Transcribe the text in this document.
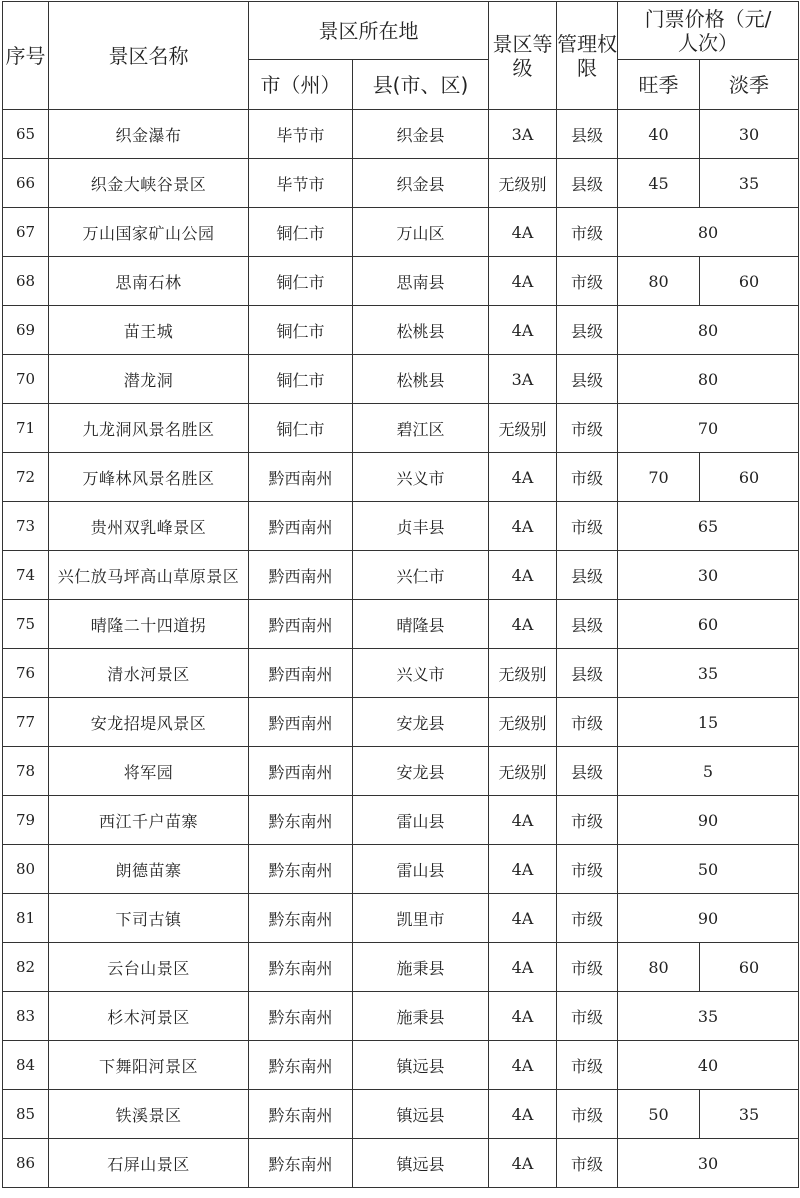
序号	景区名称	景区所在地		景区等级	管理权限	门票价格（元/人次）	
		市（州）	县(市、区)			旺季	淡季
65	织金瀑布	毕节市	织金县	3A	县级	40	30
66	织金大峡谷景区	毕节市	织金县	无级别	县级	45	35
67	万山国家矿山公园	铜仁市	万山区	4A	市级	80	
68	思南石林	铜仁市	思南县	4A	市级	80	60
69	苗王城	铜仁市	松桃县	4A	县级	80	
70	潜龙洞	铜仁市	松桃县	3A	县级	80	
71	九龙洞风景名胜区	铜仁市	碧江区	无级别	市级	70	
72	万峰林风景名胜区	黔西南州	兴义市	4A	市级	70	60
73	贵州双乳峰景区	黔西南州	贞丰县	4A	市级	65	
74	兴仁放马坪高山草原景区	黔西南州	兴仁市	4A	县级	30	
75	晴隆二十四道拐	黔西南州	晴隆县	4A	县级	60	
76	清水河景区	黔西南州	兴义市	无级别	县级	35	
77	安龙招堤风景区	黔西南州	安龙县	无级别	市级	15	
78	将军园	黔西南州	安龙县	无级别	县级	5	
79	西江千户苗寨	黔东南州	雷山县	4A	市级	90	
80	朗德苗寨	黔东南州	雷山县	4A	市级	50	
81	下司古镇	黔东南州	凯里市	4A	市级	90	
82	云台山景区	黔东南州	施秉县	4A	市级	80	60
83	杉木河景区	黔东南州	施秉县	4A	市级	35	
84	下舞阳河景区	黔东南州	镇远县	4A	市级	40	
85	铁溪景区	黔东南州	镇远县	4A	市级	50	35
86	石屏山景区	黔东南州	镇远县	4A	市级	30	
